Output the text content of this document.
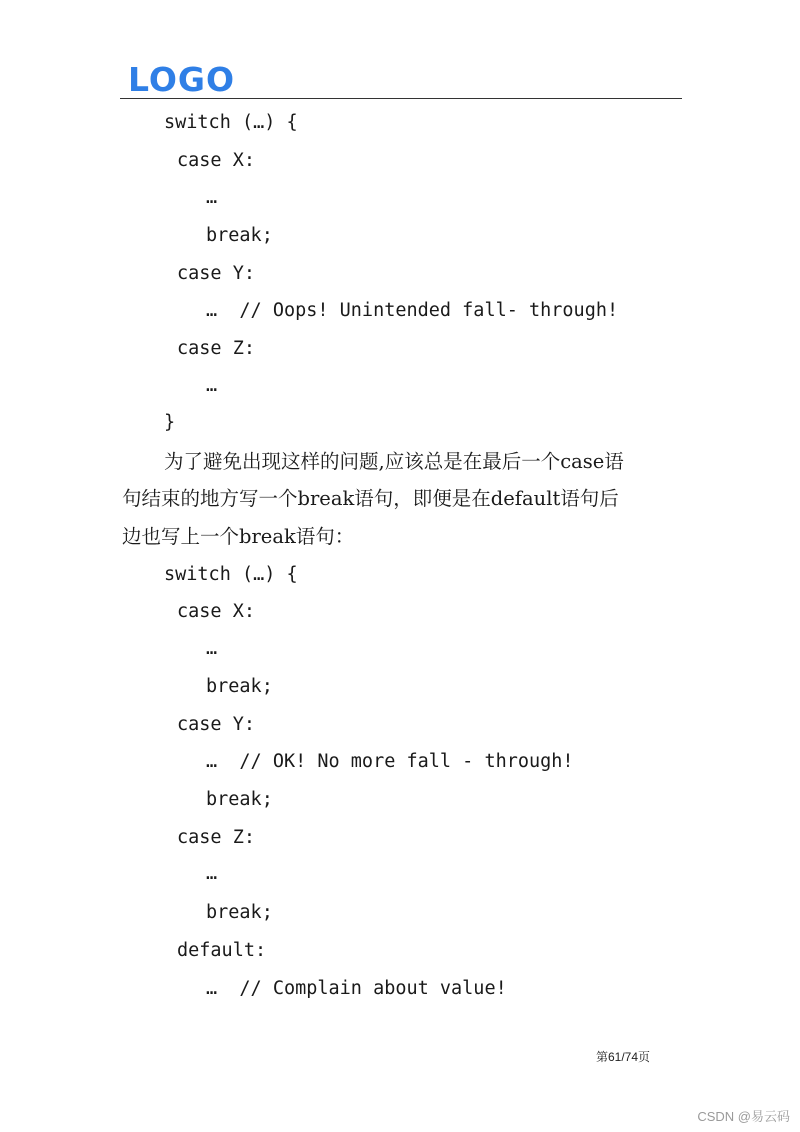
LOGO
switch (…) {
case X:
…
break;
case Y:
…  // Oops! Unintended fall- through!
case Z:
…
}
为了避免出现这样的问题,应该总是在最后一个case语
句结束的地方写一个break语句，即便是在default语句后
边也写上一个break语句：
switch (…) {
case X:
…
break;
case Y:
…  // OK! No more fall - through!
break;
case Z:
…
break;
default:
…  // Complain about value!
第61/74页
CSDN @易云码
